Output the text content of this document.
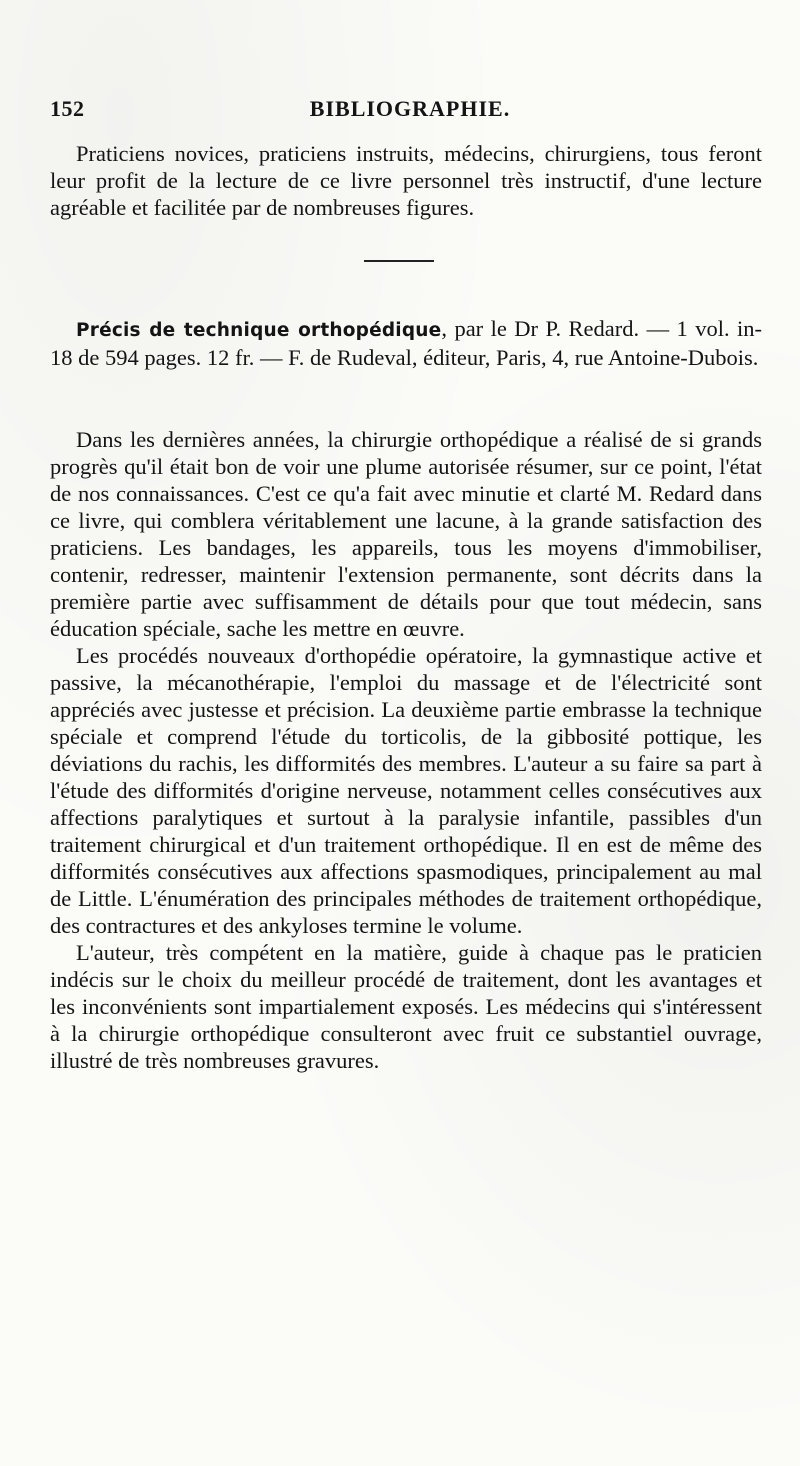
152	BIBLIOGRAPHIE.

Praticiens novices, praticiens instruits, médecins, chirurgiens, tous feront leur profit de la lecture de ce livre personnel très instructif, d'une lecture agréable et facilitée par de nombreuses figures.

Précis de technique orthopédique, par le Dr P. Redard. — 1 vol. in-18 de 594 pages. 12 fr. — F. de Rudeval, éditeur, Paris, 4, rue Antoine-Dubois.

Dans les dernières années, la chirurgie orthopédique a réalisé de si grands progrès qu'il était bon de voir une plume autorisée résumer, sur ce point, l'état de nos connaissances. C'est ce qu'a fait avec minutie et clarté M. Redard dans ce livre, qui comblera véritablement une lacune, à la grande satisfaction des praticiens. Les bandages, les appareils, tous les moyens d'immobiliser, contenir, redresser, maintenir l'extension permanente, sont décrits dans la première partie avec suffisamment de détails pour que tout médecin, sans éducation spéciale, sache les mettre en œuvre.

Les procédés nouveaux d'orthopédie opératoire, la gymnastique active et passive, la mécanothérapie, l'emploi du massage et de l'électricité sont appréciés avec justesse et précision. La deuxième partie embrasse la technique spéciale et comprend l'étude du torticolis, de la gibbosité pottique, les déviations du rachis, les difformités des membres. L'auteur a su faire sa part à l'étude des difformités d'origine nerveuse, notamment celles consécutives aux affections paralytiques et surtout à la paralysie infantile, passibles d'un traitement chirurgical et d'un traitement orthopédique. Il en est de même des difformités consécutives aux affections spasmodiques, principalement au mal de Little. L'énumération des principales méthodes de traitement orthopédique, des contractures et des ankyloses termine le volume.

L'auteur, très compétent en la matière, guide à chaque pas le praticien indécis sur le choix du meilleur procédé de traitement, dont les avantages et les inconvénients sont impartialement exposés. Les médecins qui s'intéressent à la chirurgie orthopédique consulteront avec fruit ce substantiel ouvrage, illustré de très nombreuses gravures.
